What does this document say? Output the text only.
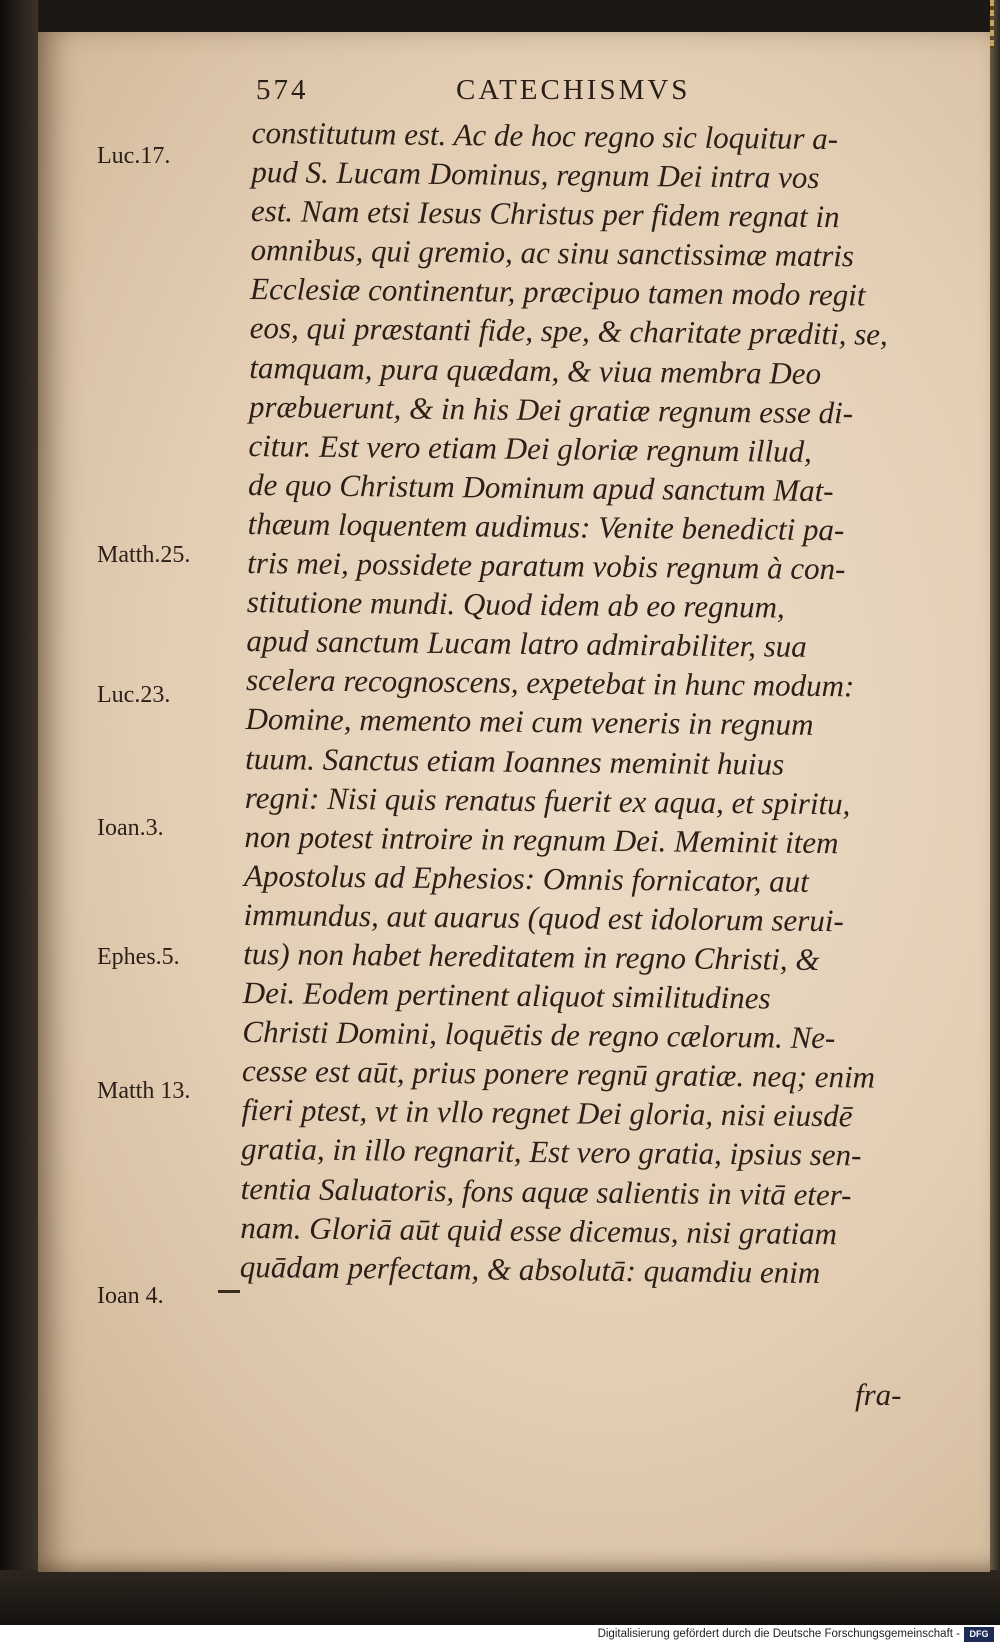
574	CATECHISMVS
Luc.17.
Matth.25.
Luc.23.
Ioan.3.
Ephes.5.
Matth 13.
Ioan 4.
constitutum est. Ac de hoc regno sic loquitur a-
pud S. Lucam Dominus, regnum Dei intra vos
est. Nam etsi Iesus Christus per fidem regnat in
omnibus, qui gremio, ac sinu sanctissimæ matris
Ecclesiæ continentur, præcipuo tamen modo regit
eos, qui præstanti fide, spe, & charitate præditi, se,
tamquam, pura quædam, & viua membra Deo
præbuerunt, & in his Dei gratiæ regnum esse di-
citur. Est vero etiam Dei gloriæ regnum illud,
de quo Christum Dominum apud sanctum Mat-
thæum loquentem audimus: Venite benedicti pa-
tris mei, possidete paratum vobis regnum à con-
stitutione mundi. Quod idem ab eo regnum,
apud sanctum Lucam latro admirabiliter, sua
scelera recognoscens, expetebat in hunc modum:
Domine, memento mei cum veneris in regnum
tuum. Sanctus etiam Ioannes meminit huius
regni: Nisi quis renatus fuerit ex aqua, et spiritu,
non potest introire in regnum Dei. Meminit item
Apostolus ad Ephesios: Omnis fornicator, aut
immundus, aut auarus (quod est idolorum serui-
tus) non habet hereditatem in regno Christi, &
Dei. Eodem pertinent aliquot similitudines
Christi Domini, loquētis de regno cælorum. Ne-
cesse est aūt, prius ponere regnū gratiæ. neq; enim
fieri ptest, vt in vllo regnet Dei gloria, nisi eiusdē
gratia, in illo regnarit, Est vero gratia, ipsius sen-
tentia Saluatoris, fons aquæ salientis in vitā eter-
nam. Gloriā aūt quid esse dicemus, nisi gratiam
quādam perfectam, & absolutā: quamdiu enim
fra-
Digitalisierung gefördert durch die Deutsche Forschungsgemeinschaft -	DFG
